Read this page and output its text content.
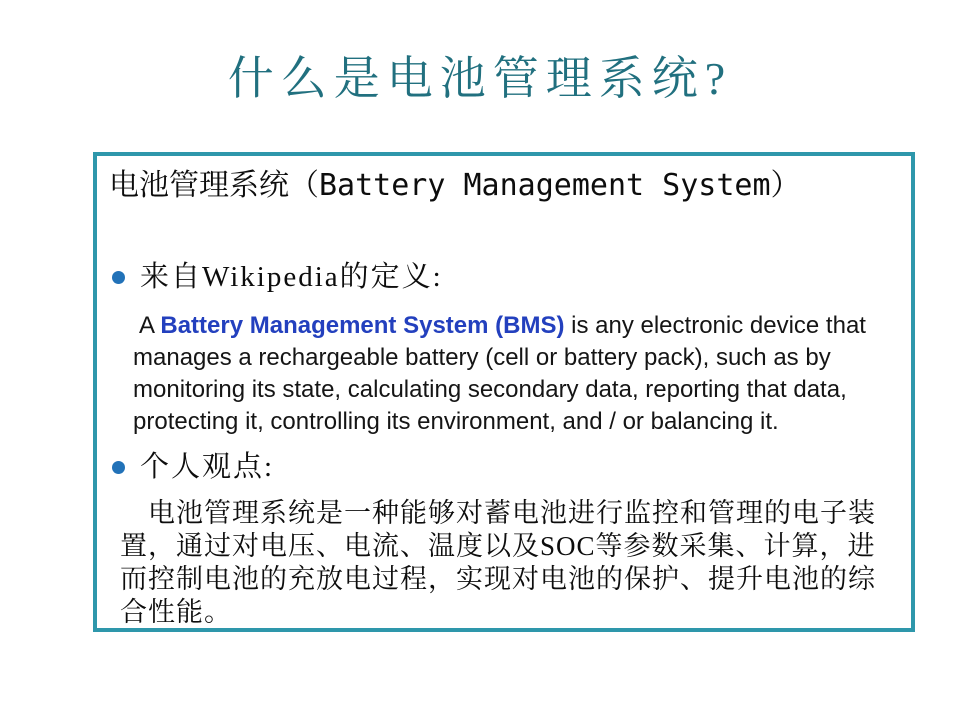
什么是电池管理系统?
电池管理系统（Battery Management System）
来自Wikipedia的定义:
A Battery Management System (BMS) is any electronic device that manages a rechargeable battery (cell or battery pack), such as by monitoring its state, calculating secondary data, reporting that data, protecting it, controlling its environment, and / or balancing it.
个人观点:
电池管理系统是一种能够对蓄电池进行监控和管理的电子装置，通过对电压、电流、温度以及SOC等参数采集、计算，进而控制电池的充放电过程，实现对电池的保护、提升电池的综合性能。
